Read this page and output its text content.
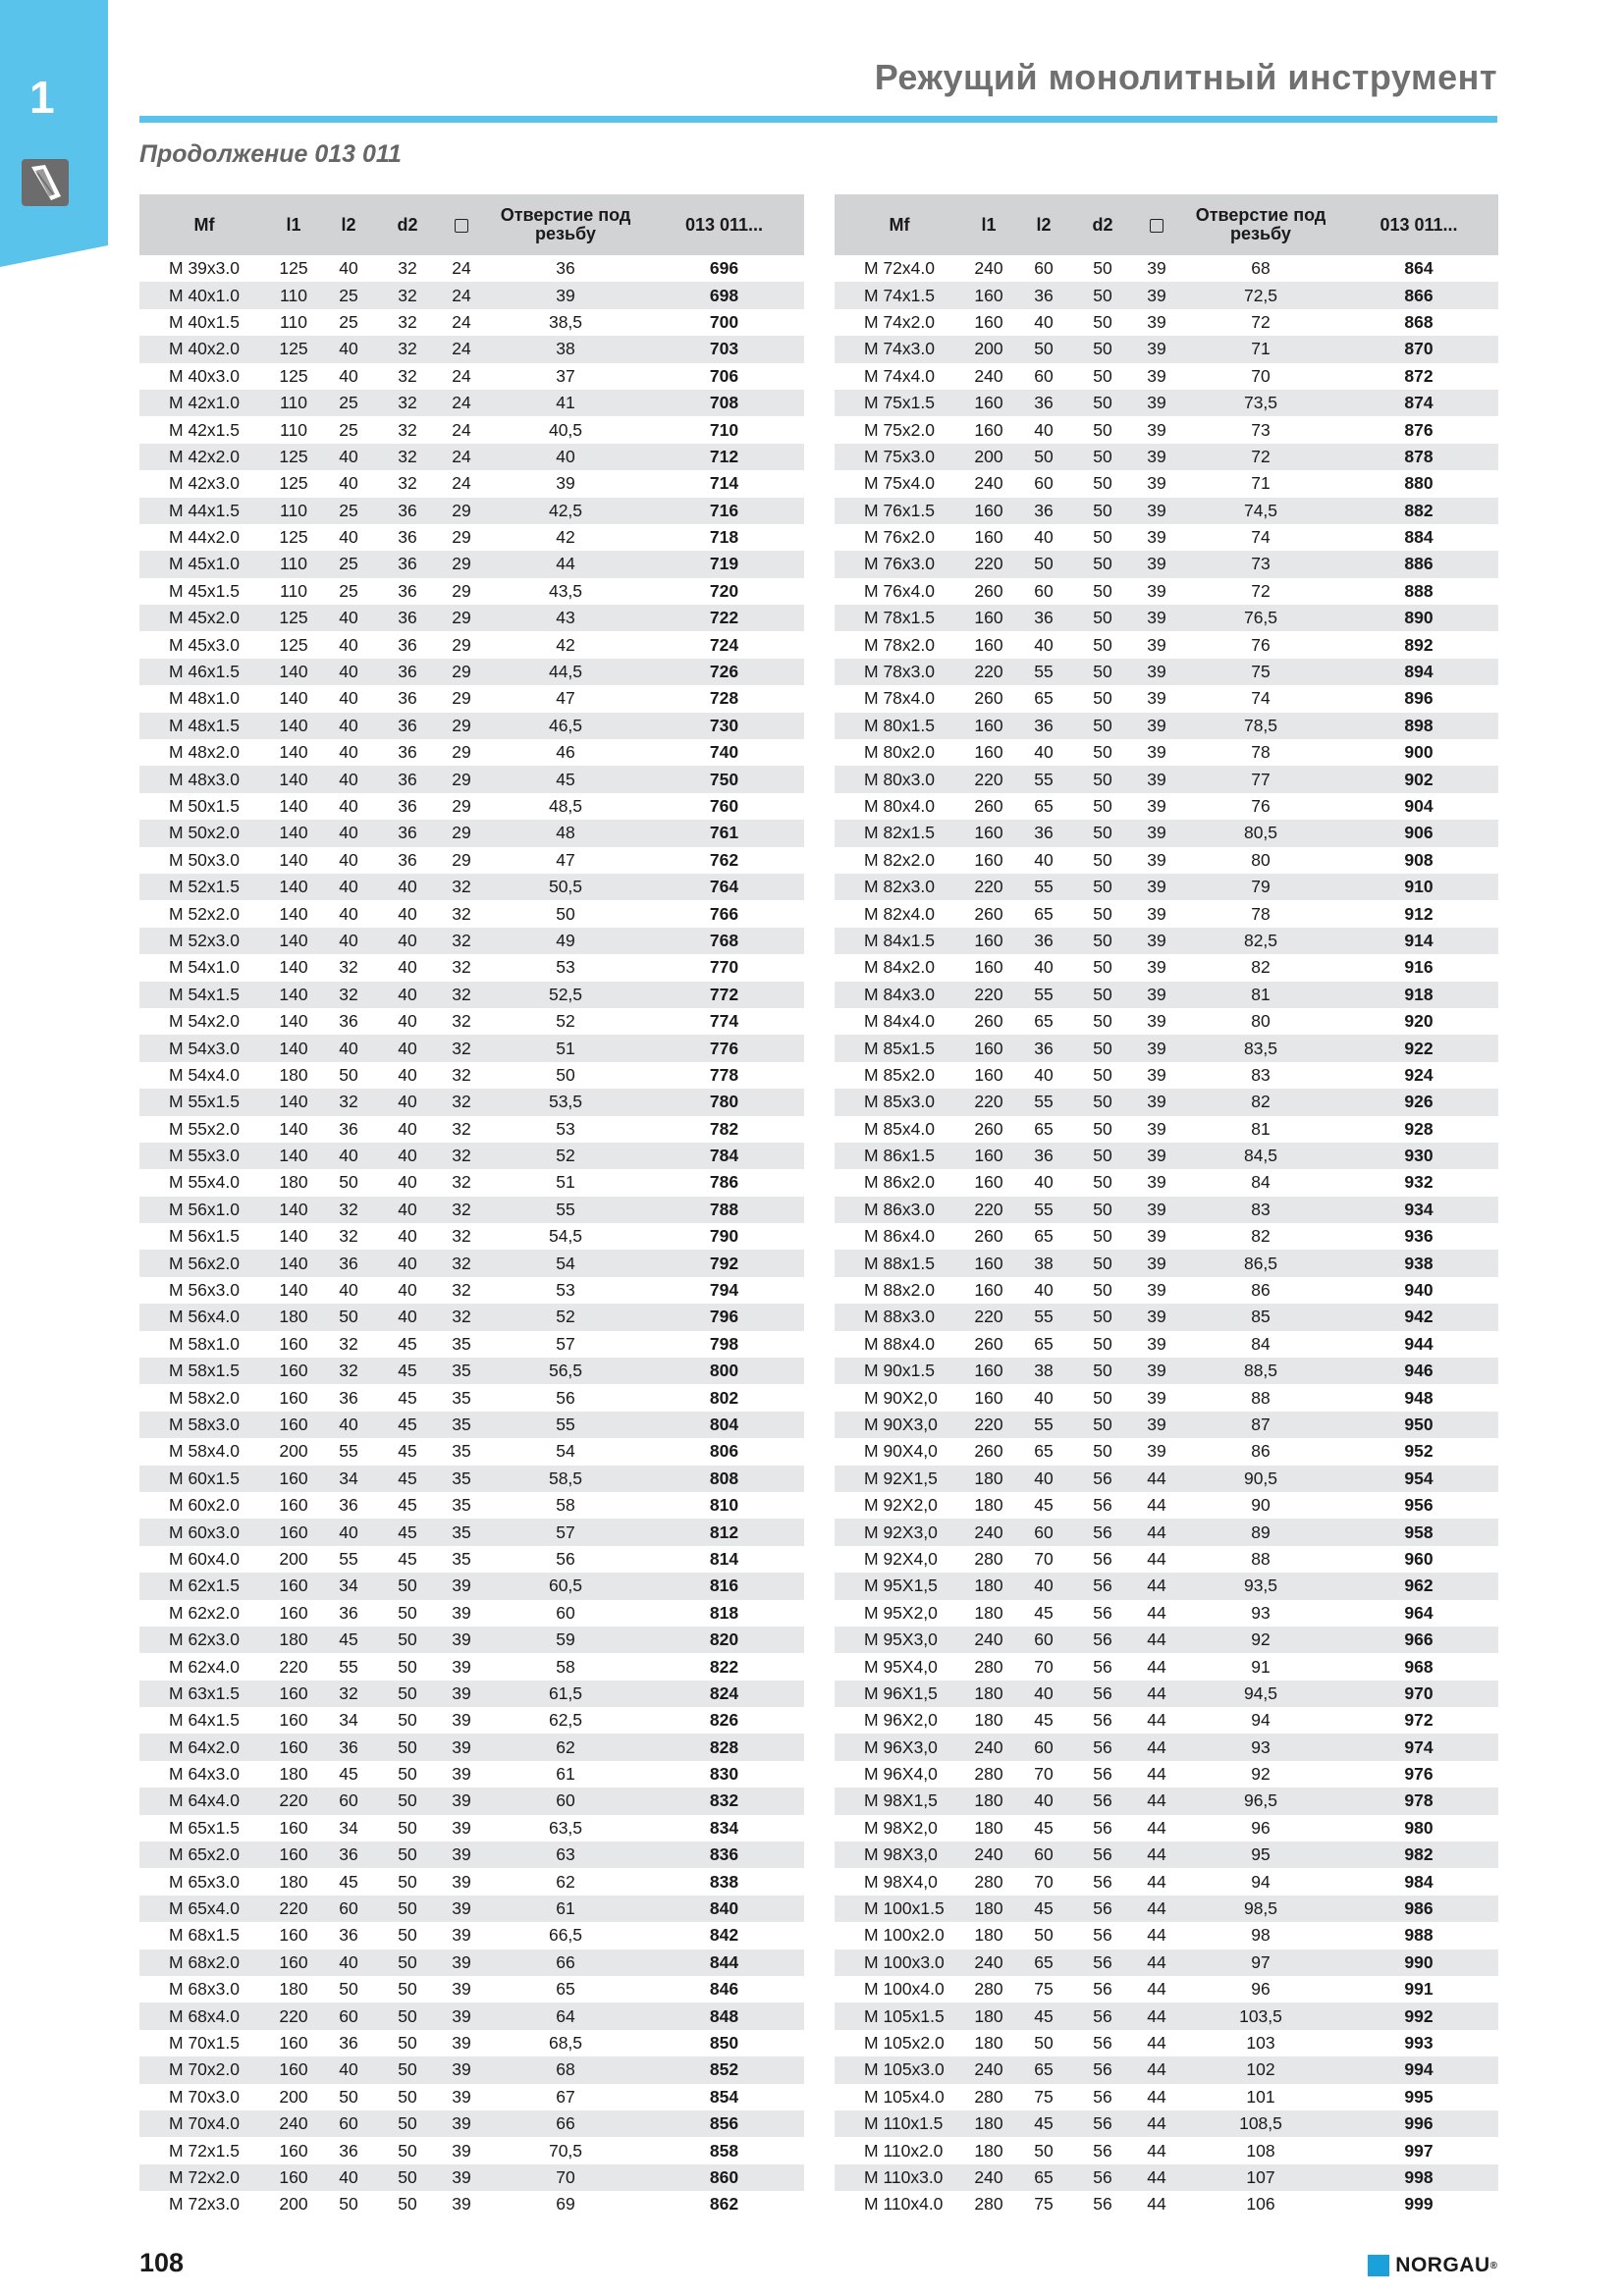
1	Режущий монолитный инструмент
Продолжение 013 011
Mf	l1	l2	d2		Отверстие под резьбу	013 011...
M 39x3.0	125	40	32	24	36	696
M 40x1.0	110	25	32	24	39	698
M 40x1.5	110	25	32	24	38,5	700
M 40x2.0	125	40	32	24	38	703
M 40x3.0	125	40	32	24	37	706
M 42x1.0	110	25	32	24	41	708
M 42x1.5	110	25	32	24	40,5	710
M 42x2.0	125	40	32	24	40	712
M 42x3.0	125	40	32	24	39	714
M 44x1.5	110	25	36	29	42,5	716
M 44x2.0	125	40	36	29	42	718
M 45x1.0	110	25	36	29	44	719
M 45x1.5	110	25	36	29	43,5	720
M 45x2.0	125	40	36	29	43	722
M 45x3.0	125	40	36	29	42	724
M 46x1.5	140	40	36	29	44,5	726
M 48x1.0	140	40	36	29	47	728
M 48x1.5	140	40	36	29	46,5	730
M 48x2.0	140	40	36	29	46	740
M 48x3.0	140	40	36	29	45	750
M 50x1.5	140	40	36	29	48,5	760
M 50x2.0	140	40	36	29	48	761
M 50x3.0	140	40	36	29	47	762
M 52x1.5	140	40	40	32	50,5	764
M 52x2.0	140	40	40	32	50	766
M 52x3.0	140	40	40	32	49	768
M 54x1.0	140	32	40	32	53	770
M 54x1.5	140	32	40	32	52,5	772
M 54x2.0	140	36	40	32	52	774
M 54x3.0	140	40	40	32	51	776
M 54x4.0	180	50	40	32	50	778
M 55x1.5	140	32	40	32	53,5	780
M 55x2.0	140	36	40	32	53	782
M 55x3.0	140	40	40	32	52	784
M 55x4.0	180	50	40	32	51	786
M 56x1.0	140	32	40	32	55	788
M 56x1.5	140	32	40	32	54,5	790
M 56x2.0	140	36	40	32	54	792
M 56x3.0	140	40	40	32	53	794
M 56x4.0	180	50	40	32	52	796
M 58x1.0	160	32	45	35	57	798
M 58x1.5	160	32	45	35	56,5	800
M 58x2.0	160	36	45	35	56	802
M 58x3.0	160	40	45	35	55	804
M 58x4.0	200	55	45	35	54	806
M 60x1.5	160	34	45	35	58,5	808
M 60x2.0	160	36	45	35	58	810
M 60x3.0	160	40	45	35	57	812
M 60x4.0	200	55	45	35	56	814
M 62x1.5	160	34	50	39	60,5	816
M 62x2.0	160	36	50	39	60	818
M 62x3.0	180	45	50	39	59	820
M 62x4.0	220	55	50	39	58	822
M 63x1.5	160	32	50	39	61,5	824
M 64x1.5	160	34	50	39	62,5	826
M 64x2.0	160	36	50	39	62	828
M 64x3.0	180	45	50	39	61	830
M 64x4.0	220	60	50	39	60	832
M 65x1.5	160	34	50	39	63,5	834
M 65x2.0	160	36	50	39	63	836
M 65x3.0	180	45	50	39	62	838
M 65x4.0	220	60	50	39	61	840
M 68x1.5	160	36	50	39	66,5	842
M 68x2.0	160	40	50	39	66	844
M 68x3.0	180	50	50	39	65	846
M 68x4.0	220	60	50	39	64	848
M 70x1.5	160	36	50	39	68,5	850
M 70x2.0	160	40	50	39	68	852
M 70x3.0	200	50	50	39	67	854
M 70x4.0	240	60	50	39	66	856
M 72x1.5	160	36	50	39	70,5	858
M 72x2.0	160	40	50	39	70	860
M 72x3.0	200	50	50	39	69	862
Mf	l1	l2	d2		Отверстие под резьбу	013 011...
M 72x4.0	240	60	50	39	68	864
M 74x1.5	160	36	50	39	72,5	866
M 74x2.0	160	40	50	39	72	868
M 74x3.0	200	50	50	39	71	870
M 74x4.0	240	60	50	39	70	872
M 75x1.5	160	36	50	39	73,5	874
M 75x2.0	160	40	50	39	73	876
M 75x3.0	200	50	50	39	72	878
M 75x4.0	240	60	50	39	71	880
M 76x1.5	160	36	50	39	74,5	882
M 76x2.0	160	40	50	39	74	884
M 76x3.0	220	50	50	39	73	886
M 76x4.0	260	60	50	39	72	888
M 78x1.5	160	36	50	39	76,5	890
M 78x2.0	160	40	50	39	76	892
M 78x3.0	220	55	50	39	75	894
M 78x4.0	260	65	50	39	74	896
M 80x1.5	160	36	50	39	78,5	898
M 80x2.0	160	40	50	39	78	900
M 80x3.0	220	55	50	39	77	902
M 80x4.0	260	65	50	39	76	904
M 82x1.5	160	36	50	39	80,5	906
M 82x2.0	160	40	50	39	80	908
M 82x3.0	220	55	50	39	79	910
M 82x4.0	260	65	50	39	78	912
M 84x1.5	160	36	50	39	82,5	914
M 84x2.0	160	40	50	39	82	916
M 84x3.0	220	55	50	39	81	918
M 84x4.0	260	65	50	39	80	920
M 85x1.5	160	36	50	39	83,5	922
M 85x2.0	160	40	50	39	83	924
M 85x3.0	220	55	50	39	82	926
M 85x4.0	260	65	50	39	81	928
M 86x1.5	160	36	50	39	84,5	930
M 86x2.0	160	40	50	39	84	932
M 86x3.0	220	55	50	39	83	934
M 86x4.0	260	65	50	39	82	936
M 88x1.5	160	38	50	39	86,5	938
M 88x2.0	160	40	50	39	86	940
M 88x3.0	220	55	50	39	85	942
M 88x4.0	260	65	50	39	84	944
M 90x1.5	160	38	50	39	88,5	946
M 90X2,0	160	40	50	39	88	948
M 90X3,0	220	55	50	39	87	950
M 90X4,0	260	65	50	39	86	952
M 92X1,5	180	40	56	44	90,5	954
M 92X2,0	180	45	56	44	90	956
M 92X3,0	240	60	56	44	89	958
M 92X4,0	280	70	56	44	88	960
M 95X1,5	180	40	56	44	93,5	962
M 95X2,0	180	45	56	44	93	964
M 95X3,0	240	60	56	44	92	966
M 95X4,0	280	70	56	44	91	968
M 96X1,5	180	40	56	44	94,5	970
M 96X2,0	180	45	56	44	94	972
M 96X3,0	240	60	56	44	93	974
M 96X4,0	280	70	56	44	92	976
M 98X1,5	180	40	56	44	96,5	978
M 98X2,0	180	45	56	44	96	980
M 98X3,0	240	60	56	44	95	982
M 98X4,0	280	70	56	44	94	984
M 100x1.5	180	45	56	44	98,5	986
M 100x2.0	180	50	56	44	98	988
M 100x3.0	240	65	56	44	97	990
M 100x4.0	280	75	56	44	96	991
M 105x1.5	180	45	56	44	103,5	992
M 105x2.0	180	50	56	44	103	993
M 105x3.0	240	65	56	44	102	994
M 105x4.0	280	75	56	44	101	995
M 110x1.5	180	45	56	44	108,5	996
M 110x2.0	180	50	56	44	108	997
M 110x3.0	240	65	56	44	107	998
M 110x4.0	280	75	56	44	106	999
108	NORGAU ®
